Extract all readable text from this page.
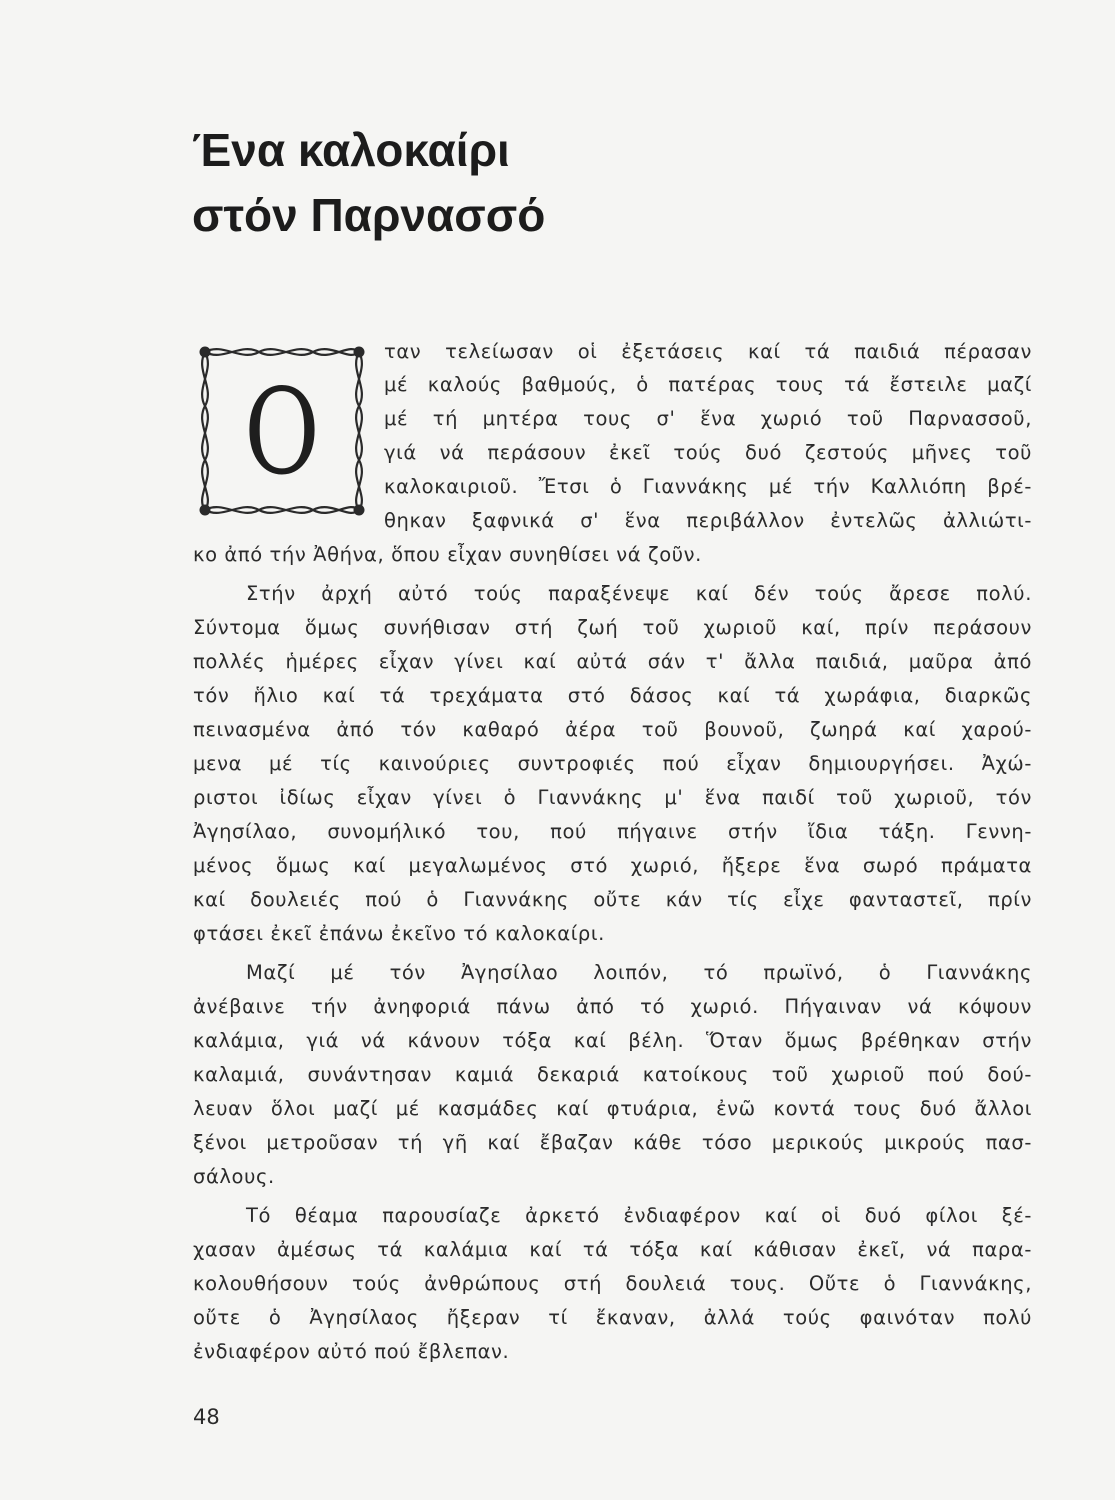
Ένα καλοκαίρι
στόν Παρνασσό
Ο
ταν τελείωσαν οἱ ἐξετάσεις καί τά παιδιά πέρασαν
μέ καλούς βαθμούς, ὁ πατέρας τους τά ἔστειλε μαζί
μέ τή μητέρα τους σ' ἕνα χωριό τοῦ Παρνασσοῦ,
γιά νά περάσουν ἐκεῖ τούς δυό ζεστούς μῆνες τοῦ
καλοκαιριοῦ. Ἔτσι ὁ Γιαννάκης μέ τήν Καλλιόπη βρέ-
θηκαν ξαφνικά σ' ἕνα περιβάλλον ἐντελῶς ἀλλιώτι-
κο ἀπό τήν Ἀθήνα, ὅπου εἶχαν συνηθίσει νά ζοῦν.
Στήν ἀρχή αὐτό τούς παραξένεψε καί δέν τούς ἄρεσε πολύ.
Σύντομα ὅμως συνήθισαν στή ζωή τοῦ χωριοῦ καί, πρίν περάσουν
πολλές ἡμέρες εἶχαν γίνει καί αὐτά σάν τ' ἄλλα παιδιά, μαῦρα ἀπό
τόν ἥλιο καί τά τρεχάματα στό δάσος καί τά χωράφια, διαρκῶς
πεινασμένα ἀπό τόν καθαρό ἀέρα τοῦ βουνοῦ, ζωηρά καί χαρού-
μενα μέ τίς καινούριες συντροφιές πού εἶχαν δημιουργήσει. Ἀχώ-
ριστοι ἰδίως εἶχαν γίνει ὁ Γιαννάκης μ' ἕνα παιδί τοῦ χωριοῦ, τόν
Ἀγησίλαο, συνομήλικό του, πού πήγαινε στήν ἴδια τάξη. Γεννη-
μένος ὅμως καί μεγαλωμένος στό χωριό, ἤξερε ἕνα σωρό πράματα
καί δουλειές πού ὁ Γιαννάκης οὔτε κάν τίς εἶχε φανταστεῖ, πρίν
φτάσει ἐκεῖ ἐπάνω ἐκεῖνο τό καλοκαίρι.
Μαζί μέ τόν Ἀγησίλαο λοιπόν, τό πρωϊνό, ὁ Γιαννάκης
ἀνέβαινε τήν ἀνηφοριά πάνω ἀπό τό χωριό. Πήγαιναν νά κόψουν
καλάμια, γιά νά κάνουν τόξα καί βέλη. Ὅταν ὅμως βρέθηκαν στήν
καλαμιά, συνάντησαν καμιά δεκαριά κατοίκους τοῦ χωριοῦ πού δού-
λευαν ὅλοι μαζί μέ κασμάδες καί φτυάρια, ἐνῶ κοντά τους δυό ἄλλοι
ξένοι μετροῦσαν τή γῆ καί ἔβαζαν κάθε τόσο μερικούς μικρούς πασ-
σάλους.
Τό θέαμα παρουσίαζε ἀρκετό ἐνδιαφέρον καί οἱ δυό φίλοι ξέ-
χασαν ἀμέσως τά καλάμια καί τά τόξα καί κάθισαν ἐκεῖ, νά παρα-
κολουθήσουν τούς ἀνθρώπους στή δουλειά τους. Οὔτε ὁ Γιαννάκης,
οὔτε ὁ Ἀγησίλαος ἤξεραν τί ἔκαναν, ἀλλά τούς φαινόταν πολύ
ἐνδιαφέρον αὐτό πού ἔβλεπαν.
48
